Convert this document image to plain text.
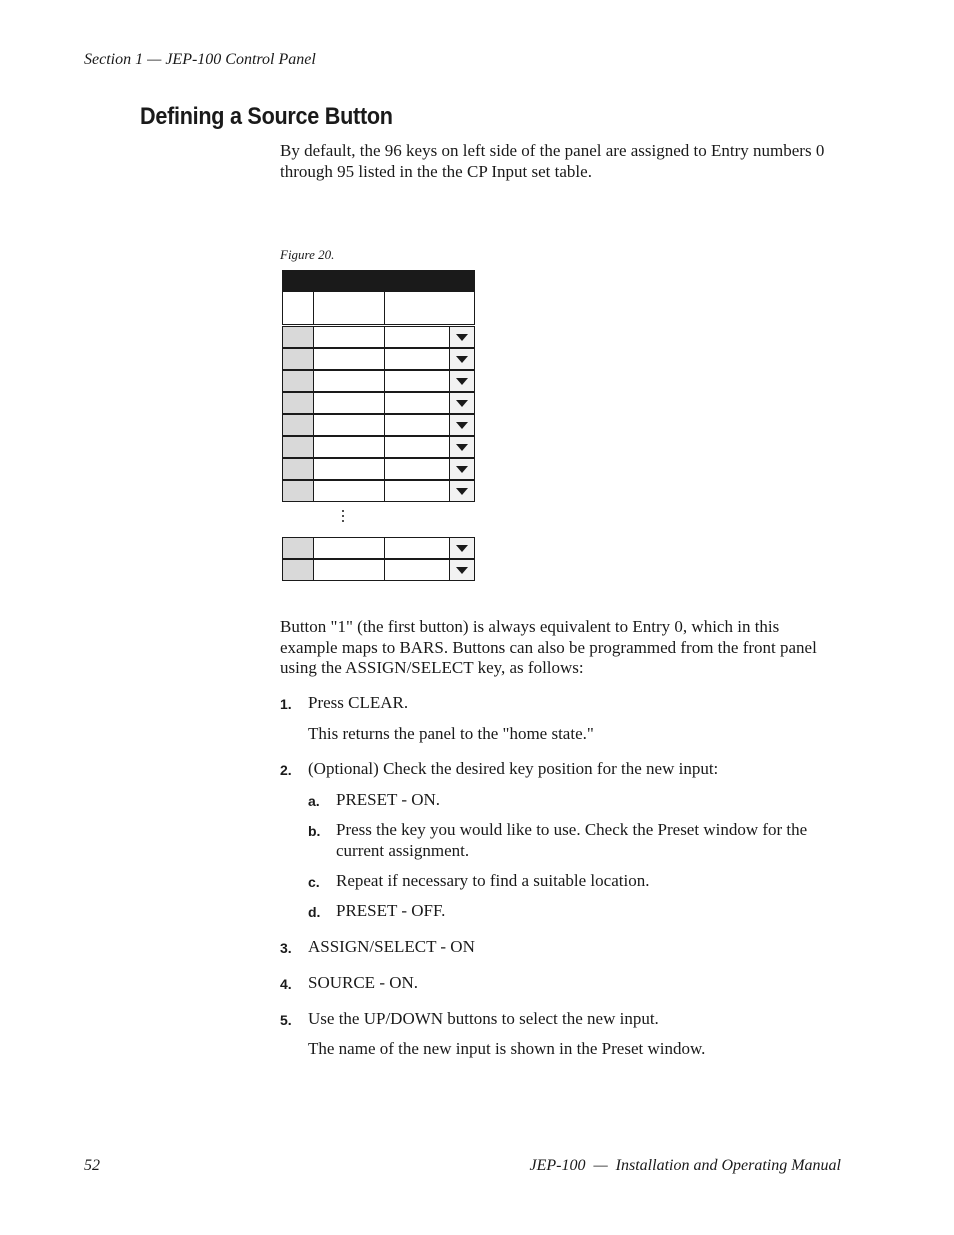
Section 1 — JEP-100 Control Panel
Defining a Source Button

By default, the 96 keys on left side of the panel are assigned to Entry numbers 0 through 95 listed in the the CP Input set table.

Figure 20.

Button "1" (the first button) is always equivalent to Entry 0, which in this example maps to BARS. Buttons can also be programmed from the front panel using the ASSIGN/SELECT key, as follows:

1. Press CLEAR.
This returns the panel to the "home state."
2. (Optional) Check the desired key position for the new input:
a. PRESET - ON.
b. Press the key you would like to use. Check the Preset window for the current assignment.
c. Repeat if necessary to find a suitable location.
d. PRESET - OFF.
3. ASSIGN/SELECT - ON
4. SOURCE - ON.
5. Use the UP/DOWN buttons to select the new input.
The name of the new input is shown in the Preset window.
52	JEP-100  —  Installation and Operating Manual
